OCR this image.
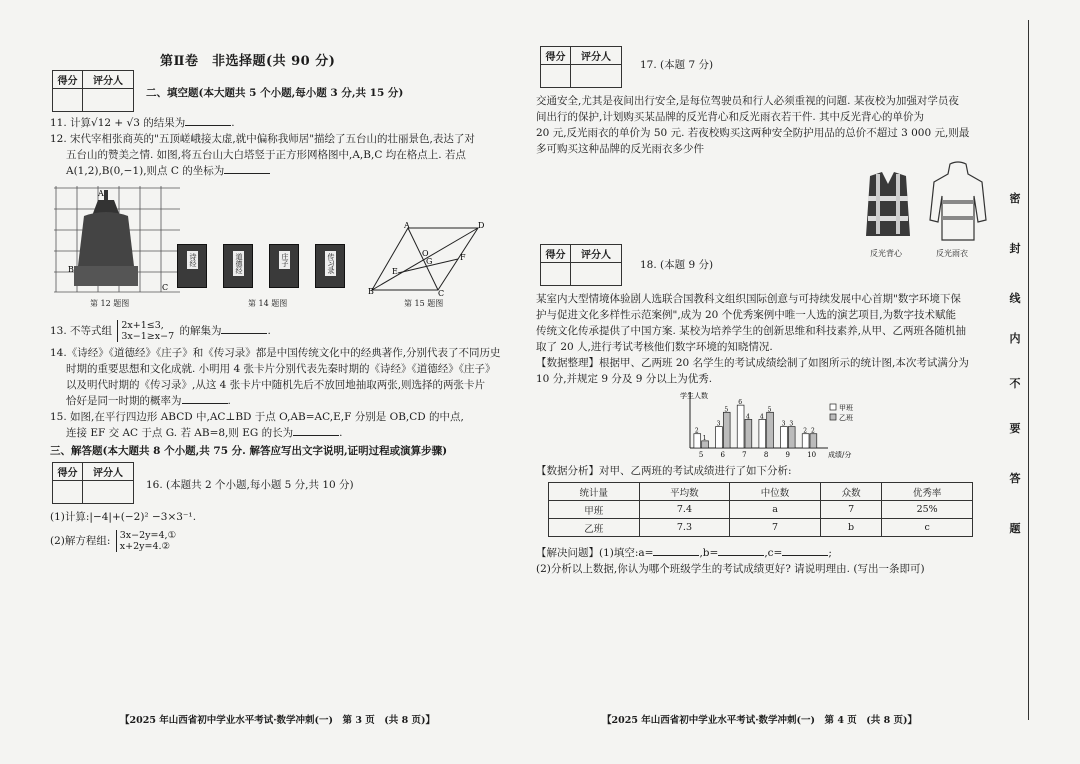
第Ⅱ卷　非选择题(共 90 分)
得分	评分人
二、填空题(本大题共 5 个小题,每小题 3 分,共 15 分)
11. 计算√12 + √3 的结果为	.
12. 宋代宰相张商英的"五顶嵯峨接太虚,就中偏称我师居"描绘了五台山的壮丽景色,表达了对
五台山的赞美之情. 如图,将五台山大白塔竖于正方形网格图中,A,B,C 均在格点上. 若点
A(1,2),B(0,−1),则点 C 的坐标为
A
B
C
第 12 题图
诗经	道德经	庄子	传习录
第 14 题图
A	D
B	C
E
F
G
O
第 15 题图
13. 不等式组 2x+1≤3,
3x−1≥x−7 的解集为	.
14.《诗经》《道德经》《庄子》和《传习录》都是中国传统文化中的经典著作,分别代表了不同历史
时期的重要思想和文化成就. 小明用 4 张卡片分别代表先秦时期的《诗经》《道德经》《庄子》
以及明代时期的《传习录》,从这 4 张卡片中随机先后不放回地抽取两张,则选择的两张卡片
恰好是同一时期的概率为	.
15. 如图,在平行四边形 ABCD 中,AC⊥BD 于点 O,AB=AC,E,F 分别是 OB,CD 的中点,
连接 EF 交 AC 于点 G. 若 AB=8,则 EG 的长为	.
三、解答题(本大题共 8 个小题,共 75 分. 解答应写出文字说明,证明过程或演算步骤)
得分	评分人
16. (本题共 2 个小题,每小题 5 分,共 10 分)
(1)计算:|−4|+(−2)² −3×3⁻¹.
(2)解方程组: 3x−2y=4,①
x+2y=4.②
【2025 年山西省初中学业水平考试·数学冲刺(一)　第 3 页　(共 8 页)】
得分	评分人
17. (本题 7 分)
交通安全,尤其是夜间出行安全,是每位驾驶员和行人必须重视的问题. 某夜校为加强对学员夜
间出行的保护,计划购买某品牌的反光背心和反光雨衣若干件. 其中反光背心的单价为
20 元,反光雨衣的单价为 50 元. 若夜校购买这两种安全防护用品的总价不超过 3 000 元,则最
多可购买这种品牌的反光雨衣多少件
反光背心	反光雨衣
得分	评分人
18. (本题 9 分)
某室内大型情境体验剧人选联合国教科文组织国际创意与可持续发展中心首期"数字环境下保
护与促进文化多样性示范案例",成为 20 个优秀案例中唯一人选的演艺项目,为数字技术赋能
传统文化传承提供了中国方案. 某校为培养学生的创新思维和科技素养,从甲、乙两班各随机抽
取了 20 人,进行考试考核他们数字环境的知晓情况.
【数据整理】根据甲、乙两班 20 名学生的考试成绩绘制了如图所示的统计图,本次考试满分为
10 分,并规定 9 分及 9 分以上为优秀.
学生人数
成绩/分
5
2
1
6
3
5
7
6
4
8
4
5
9
3 3
10
2 2
甲班
乙班
【数据分析】对甲、乙两班的考试成绩进行了如下分析:
统计量	平均数	中位数	众数	优秀率
甲班	7.4	a	7	25%
乙班	7.3	7	b	c
【解决问题】(1)填空:a=	,b=	,c=	;
(2)分析以上数据,你认为哪个班级学生的考试成绩更好? 请说明理由. (写出一条即可)
【2025 年山西省初中学业水平考试·数学冲刺(一)　第 4 页　(共 8 页)】
密
封
线
内
不
要
答
题
